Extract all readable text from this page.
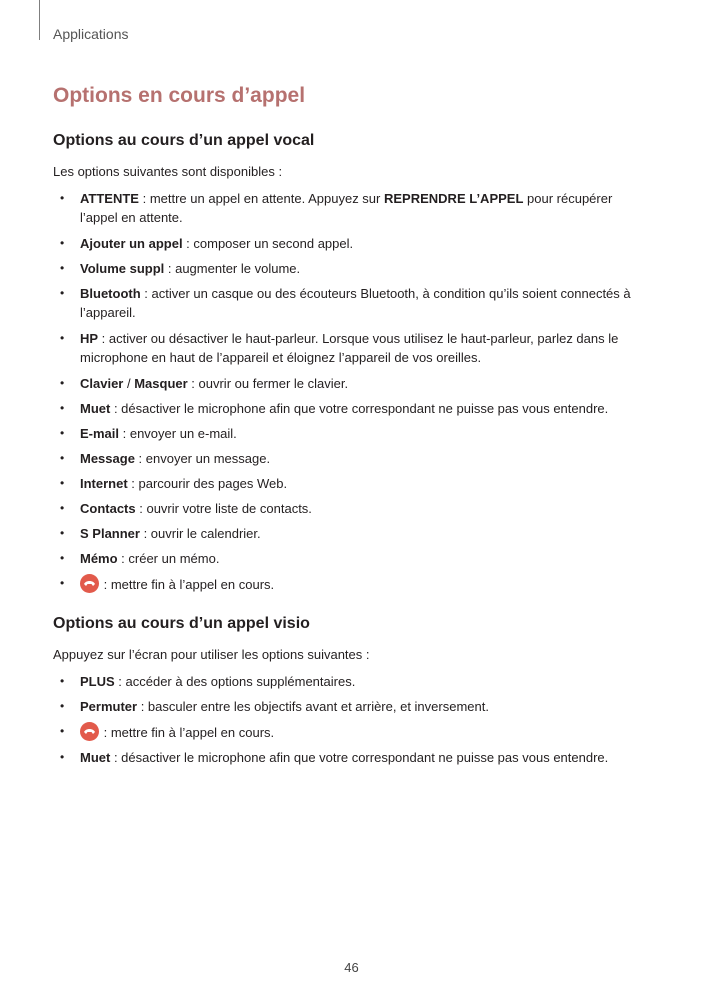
Applications
Options en cours d’appel
Options au cours d’un appel vocal

Les options suivantes sont disponibles :

• ATTENTE : mettre un appel en attente. Appuyez sur REPRENDRE L’APPEL pour récupérer l’appel en attente.
• Ajouter un appel : composer un second appel.
• Volume suppl : augmenter le volume.
• Bluetooth : activer un casque ou des écouteurs Bluetooth, à condition qu’ils soient connectés à l’appareil.
• HP : activer ou désactiver le haut-parleur. Lorsque vous utilisez le haut-parleur, parlez dans le microphone en haut de l’appareil et éloignez l’appareil de vos oreilles.
• Clavier / Masquer : ouvrir ou fermer le clavier.
• Muet : désactiver le microphone afin que votre correspondant ne puisse pas vous entendre.
• E-mail : envoyer un e-mail.
• Message : envoyer un message.
• Internet : parcourir des pages Web.
• Contacts : ouvrir votre liste de contacts.
• S Planner : ouvrir le calendrier.
• Mémo : créer un mémo.
•	: mettre fin à l’appel en cours.
Options au cours d’un appel visio

Appuyez sur l’écran pour utiliser les options suivantes :

• PLUS : accéder à des options supplémentaires.
• Permuter : basculer entre les objectifs avant et arrière, et inversement.
•	: mettre fin à l’appel en cours.
• Muet : désactiver le microphone afin que votre correspondant ne puisse pas vous entendre.
46
